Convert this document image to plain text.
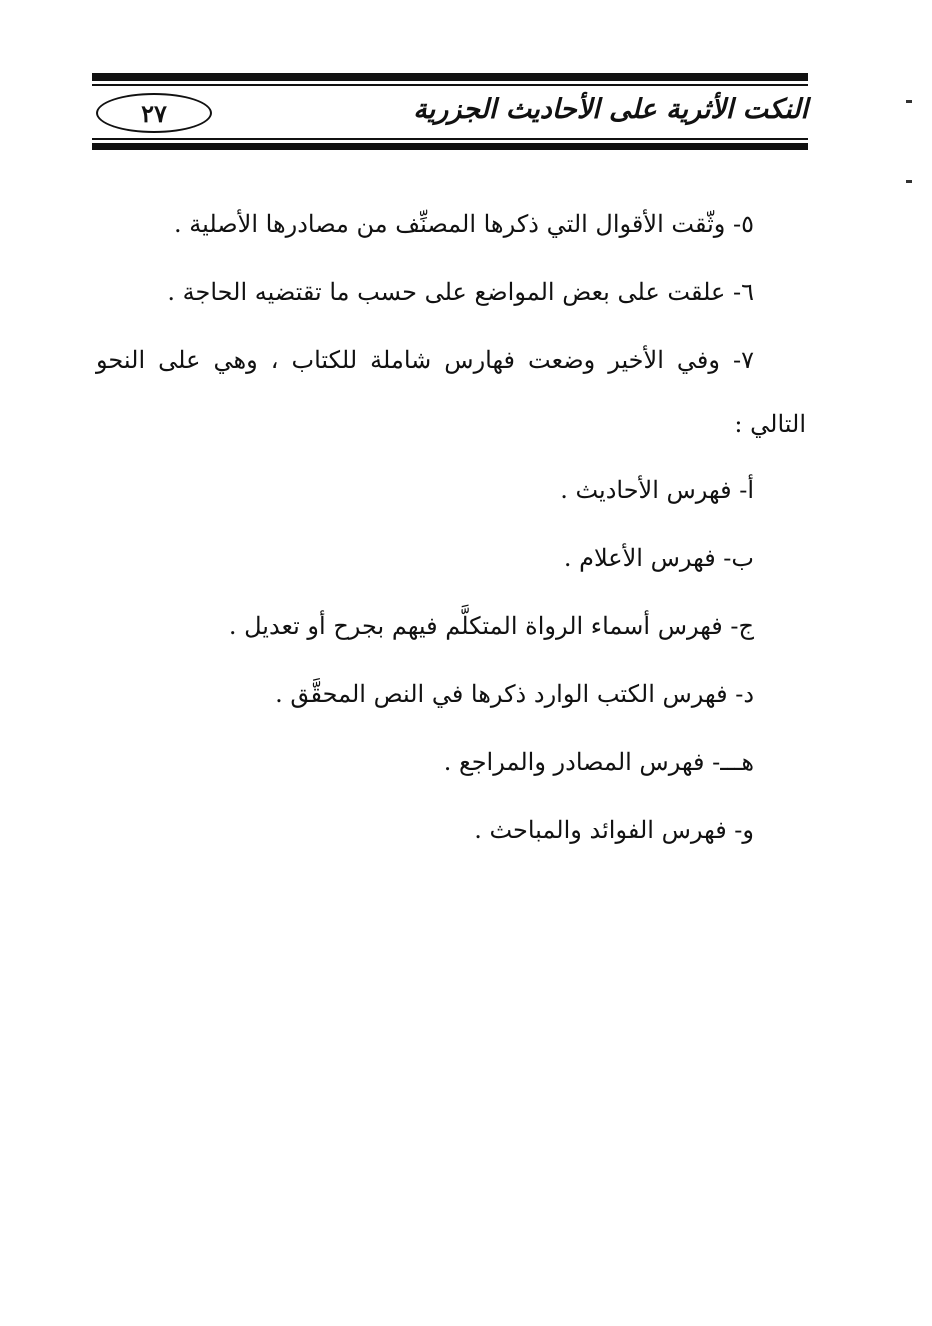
النكت الأثرية على الأحاديث الجزرية
٢٧
٥- وثّقت الأقوال التي ذكرها المصنِّف من مصادرها الأصلية .
٦- علقت على بعض المواضع على حسب ما تقتضيه الحاجة .
٧- وفي الأخير وضعت فهارس شاملة للكتاب ، وهي على النحو
التالي :
أ- فهرس الأحاديث .
ب- فهرس الأعلام .
ج- فهرس أسماء الرواة المتكلَّم فيهم بجرح أو تعديل .
د- فهرس الكتب الوارد ذكرها في النص المحقَّق .
هـــ- فهرس المصادر والمراجع .
و- فهرس الفوائد والمباحث .
